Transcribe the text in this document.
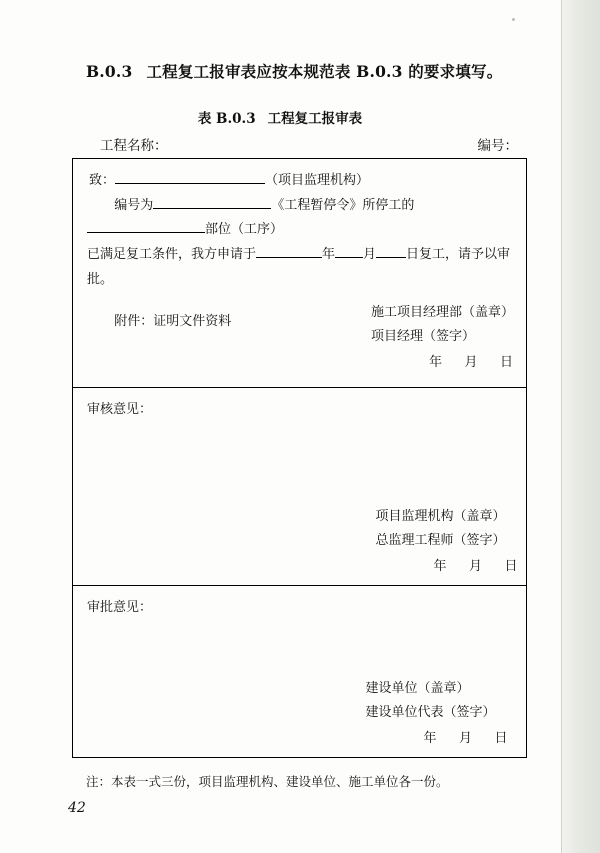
B.0.3 工程复工报审表应按本规范表 B.0.3 的要求填写。
表 B.0.3 工程复工报审表
工程名称：	编号：
致：	（项目监理机构）
编号为	《工程暂停令》所停工的部位（工序）
已满足复工条件，我方申请于	年 月 日复工，请予以审批。
附件：证明文件资料
施工项目经理部（盖章）
项目经理（签字）
年 月 日
审核意见：
项目监理机构（盖章）
总监理工程师（签字）
年 月 日
审批意见：
建设单位（盖章）
建设单位代表（签字）
年 月 日
注：本表一式三份，项目监理机构、建设单位、施工单位各一份。
42
